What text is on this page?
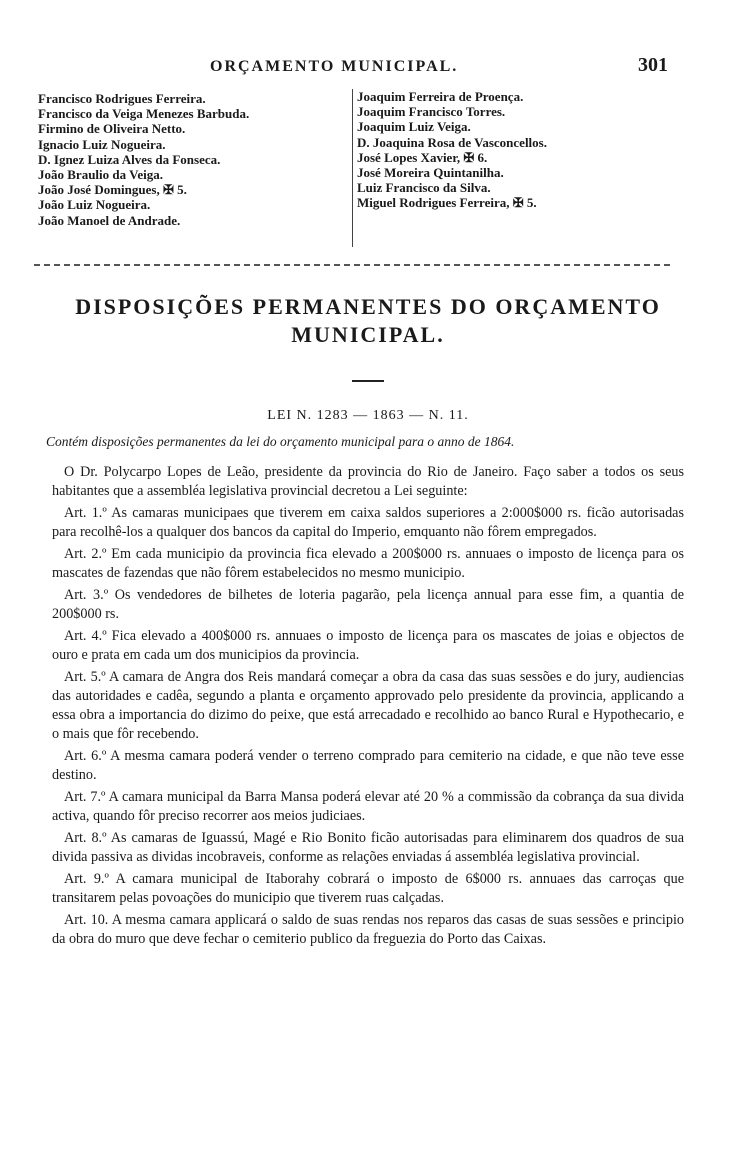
ORÇAMENTO MUNICIPAL.	301
Francisco Rodrigues Ferreira.
Francisco da Veiga Menezes Barbuda.
Firmino de Oliveira Netto.
Ignacio Luiz Nogueira.
D. Ignez Luiza Alves da Fonseca.
João Braulio da Veiga.
João José Domingues, ✠ 5.
João Luiz Nogueira.
João Manoel de Andrade.
Joaquim Ferreira de Proença.
Joaquim Francisco Torres.
Joaquim Luiz Veiga.
D. Joaquina Rosa de Vasconcellos.
José Lopes Xavier, ✠ 6.
José Moreira Quintanilha.
Luiz Francisco da Silva.
Miguel Rodrigues Ferreira, ✠ 5.
DISPOSIÇÕES PERMANENTES DO ORÇAMENTO
MUNICIPAL.
LEI N. 1283 — 1863 — N. 11.
Contém disposições permanentes da lei do orçamento municipal para o anno de 1864.

O Dr. Polycarpo Lopes de Leão, presidente da provincia do Rio de Janeiro. Faço saber a todos os seus habitantes que a assembléa legislativa provincial decretou a Lei seguinte:

Art. 1.º As camaras municipaes que tiverem em caixa saldos superiores a 2:000$000 rs. ficão autorisadas para recolhê-los a qualquer dos bancos da capital do Imperio, emquanto não fôrem empregados.

Art. 2.º Em cada municipio da provincia fica elevado a 200$000 rs. annuaes o imposto de licença para os mascates de fazendas que não fôrem estabelecidos no mesmo municipio.

Art. 3.º Os vendedores de bilhetes de loteria pagarão, pela licença annual para esse fim, a quantia de 200$000 rs.

Art. 4.º Fica elevado a 400$000 rs. annuaes o imposto de licença para os mascates de joias e objectos de ouro e prata em cada um dos municipios da provincia.

Art. 5.º A camara de Angra dos Reis mandará começar a obra da casa das suas sessões e do jury, audiencias das autoridades e cadêa, segundo a planta e orçamento approvado pelo presidente da provincia, applicando a essa obra a importancia do dizimo do peixe, que está arrecadado e recolhido ao banco Rural e Hypothecario, e o mais que fôr recebendo.

Art. 6.º A mesma camara poderá vender o terreno comprado para cemiterio na cidade, e que não teve esse destino.

Art. 7.º A camara municipal da Barra Mansa poderá elevar até 20 % a commissão da cobrança da sua divida activa, quando fôr preciso recorrer aos meios judiciaes.

Art. 8.º As camaras de Iguassú, Magé e Rio Bonito ficão autorisadas para eliminarem dos quadros de sua divida passiva as dividas incobraveis, conforme as relações enviadas á assembléa legislativa provincial.

Art. 9.º A camara municipal de Itaborahy cobrará o imposto de 6$000 rs. annuaes das carroças que transitarem pelas povoações do municipio que tiverem ruas calçadas.

Art. 10. A mesma camara applicará o saldo de suas rendas nos reparos das casas de suas sessões e principio da obra do muro que deve fechar o cemiterio publico da freguezia do Porto das Caixas.
